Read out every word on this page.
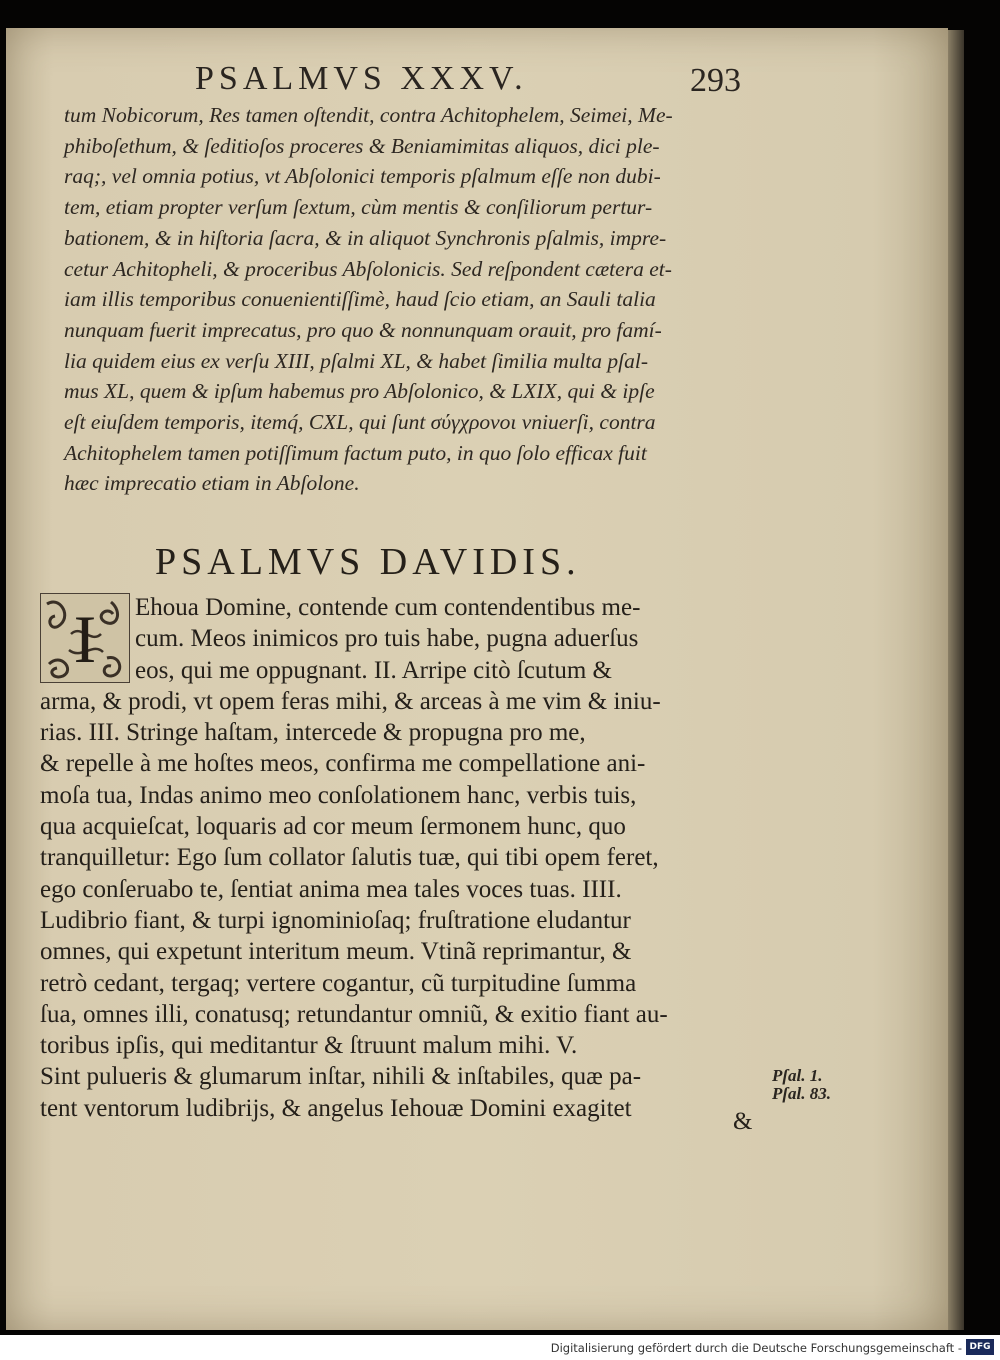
PSALMVS XXXV.	293

tum Nobicorum, Res tamen oſtendit, contra Achitophelem, Seimei, Me-
phiboſethum, & ſeditioſos proceres & Beniamimitas aliquos, dici ple-
raq;, vel omnia potius, vt Abſolonici temporis pſalmum eſſe non dubi-
tem, etiam propter verſum ſextum, cùm mentis & conſiliorum pertur-
bationem, & in hiſtoria ſacra, & in aliquot Synchronis pſalmis, impre-
cetur Achitopheli, & proceribus Abſolonicis. Sed reſpondent cætera et-
iam illis temporibus conuenientiſſimè, haud ſcio etiam, an Sauli talia
nunquam fuerit imprecatus, pro quo & nonnunquam orauit, pro famí-
lia quidem eius ex verſu XIII, pſalmi XL, & habet ſimilia multa pſal-
mus XL, quem & ipſum habemus pro Abſolonico, & LXIX, qui & ipſe
eſt eiuſdem temporis, itemq́, CXL, qui ſunt σύγχρονοι vniuerſi, contra
Achitophelem tamen potiſſimum factum puto, in quo ſolo efficax fuit
hæc imprecatio etiam in Abſolone.

PSALMVS DAVIDIS.
I	Ehoua Domine, contende cum contendentibus me-
cum. Meos inimicos pro tuis habe, pugna aduerſus
eos, qui me oppugnant. II. Arripe citò ſcutum &
arma, & prodi, vt opem feras mihi, & arceas à me vim & iniu-
rias. III. Stringe haſtam, intercede & propugna pro me,
& repelle à me hoſtes meos, confirma me compellatione ani-
moſa tua, Indas animo meo conſolationem hanc, verbis tuis,
qua acquieſcat, loquaris ad cor meum ſermonem hunc, quo
tranquilletur: Ego ſum collator ſalutis tuæ, qui tibi opem feret,
ego conſeruabo te, ſentiat anima mea tales voces tuas. IIII.
Ludibrio fiant, & turpi ignominioſaq; fruſtratione eludantur
omnes, qui expetunt interitum meum. Vtinã reprimantur, &
retrò cedant, tergaq; vertere cogantur, cũ turpitudine ſumma
ſua, omnes illi, conatusq; retundantur omniũ, & exitio fiant au-
toribus ipſis, qui meditantur & ſtruunt malum mihi. V.
Sint pulueris & glumarum inſtar, nihili & inſtabiles, quæ pa-
tent ventorum ludibrijs, & angelus Iehouæ Domini exagitet	&
Pſal. 1.
Pſal. 83.
Digitalisierung gefördert durch die Deutsche Forschungsgemeinschaft - DFG
